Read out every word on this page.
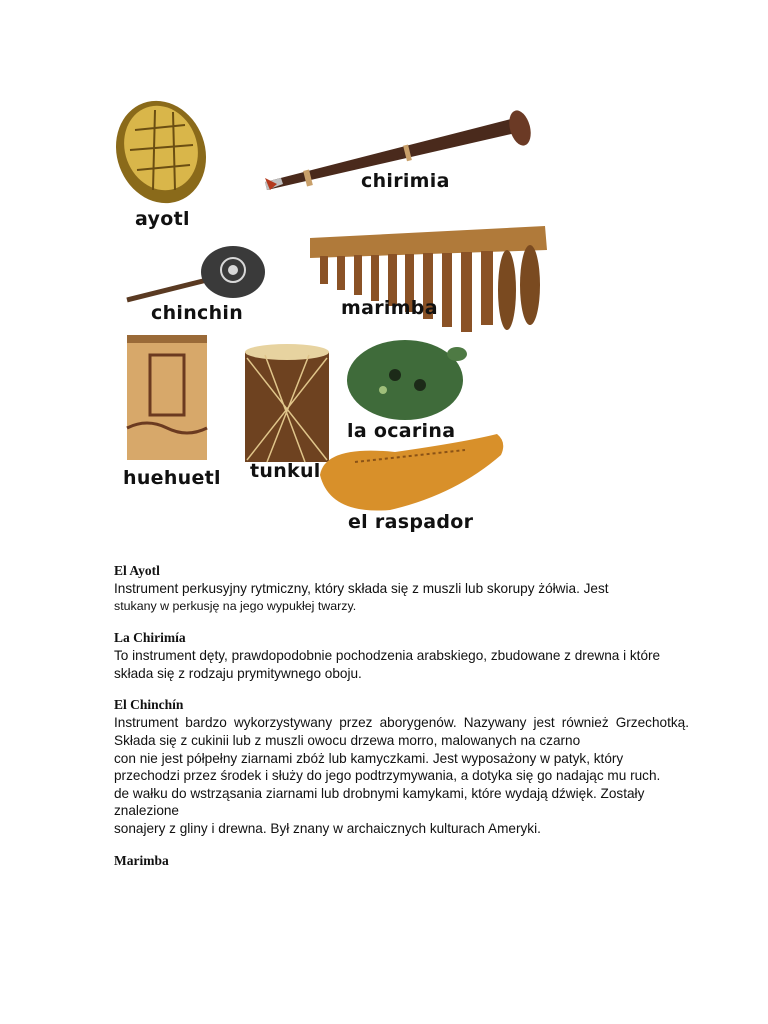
ayotl
chirimia
chinchin	marimba
huehuetl tunkul
la ocarina
el raspador
El Ayotl

Instrument perkusyjny rytmiczny, który składa się z muszli lub skorupy żółwia. Jest

stukany w perkusję na jego wypukłej twarzy.

La Chirimía

To instrument dęty, prawdopodobnie pochodzenia arabskiego, zbudowane z drewna i które

składa się z rodzaju prymitywnego oboju.

El Chinchín

Instrument bardzo wykorzystywany przez aborygenów. Nazywany jest również Grzechotką.

Składa się z cukinii lub z muszli owocu drzewa morro, malowanych na czarno

con nie jest półpełny ziarnami zbóż lub kamyczkami. Jest wyposażony w patyk, który

przechodzi przez środek i służy do jego podtrzymywania, a dotyka się go nadając mu ruch.

de wałku do wstrząsania ziarnami lub drobnymi kamykami, które wydają dźwięk. Zostały znalezione

sonajery z gliny i drewna. Był znany w archaicznych kulturach Ameryki.

Marimba
